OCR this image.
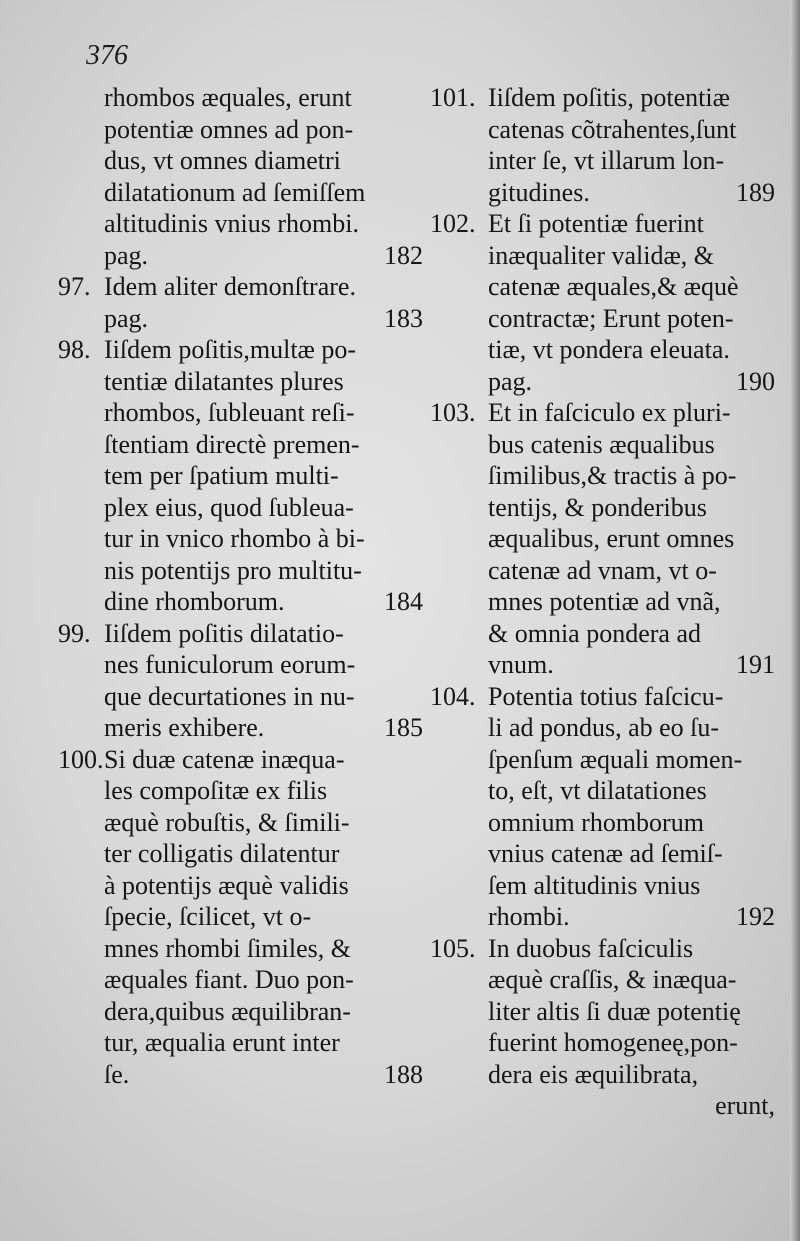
376

rhombos æquales, erunt
potentiæ omnes ad pon-
dus, vt omnes diametri
dilatationum ad ſemiſſem
altitudinis vnius rhombi.
pag.	182
97. Idem aliter demonſtrare.
pag.	183
98. Iiſdem poſitis,multæ po-
tentiæ dilatantes plures
rhombos, ſubleuant reſi-
ſtentiam directè premen-
tem per ſpatium multi-
plex eius, quod ſubleua-
tur in vnico rhombo à bi-
nis potentijs pro multitu-
dine rhomborum.	184
99. Iiſdem poſitis dilatatio-
nes funiculorum eorum-
que decurtationes in nu-
meris exhibere.	185
100. Si duæ catenæ inæqua-
les compoſitæ ex filis
æquè robuſtis, & ſimili-
ter colligatis dilatentur
à potentijs æquè validis
ſpecie, ſcilicet, vt o-
mnes rhombi ſimiles, &
æquales fiant. Duo pon-
dera,quibus æquilibran-
tur, æqualia erunt inter
ſe.	188
101. Iiſdem poſitis, potentiæ
catenas cõtrahentes,ſunt
inter ſe, vt illarum lon-
gitudines.	189
102. Et ſi potentiæ fuerint
inæqualiter validæ, &
catenæ æquales,& æquè
contractæ; Erunt poten-
tiæ, vt pondera eleuata.
pag.	190
103. Et in faſciculo ex pluri-
bus catenis æqualibus
ſimilibus,& tractis à po-
tentijs, & ponderibus
æqualibus, erunt omnes
catenæ ad vnam, vt o-
mnes potentiæ ad vnã,
& omnia pondera ad
vnum.	191
104. Potentia totius faſcicu-
li ad pondus, ab eo ſu-
ſpenſum æquali momen-
to, eſt, vt dilatationes
omnium rhomborum
vnius catenæ ad ſemiſ-
ſem altitudinis vnius
rhombi.	192
105. In duobus faſciculis
æquè craſſis, & inæqua-
liter altis ſi duæ potentię
fuerint homogeneę,pon-
dera eis æquilibrata,
erunt,
